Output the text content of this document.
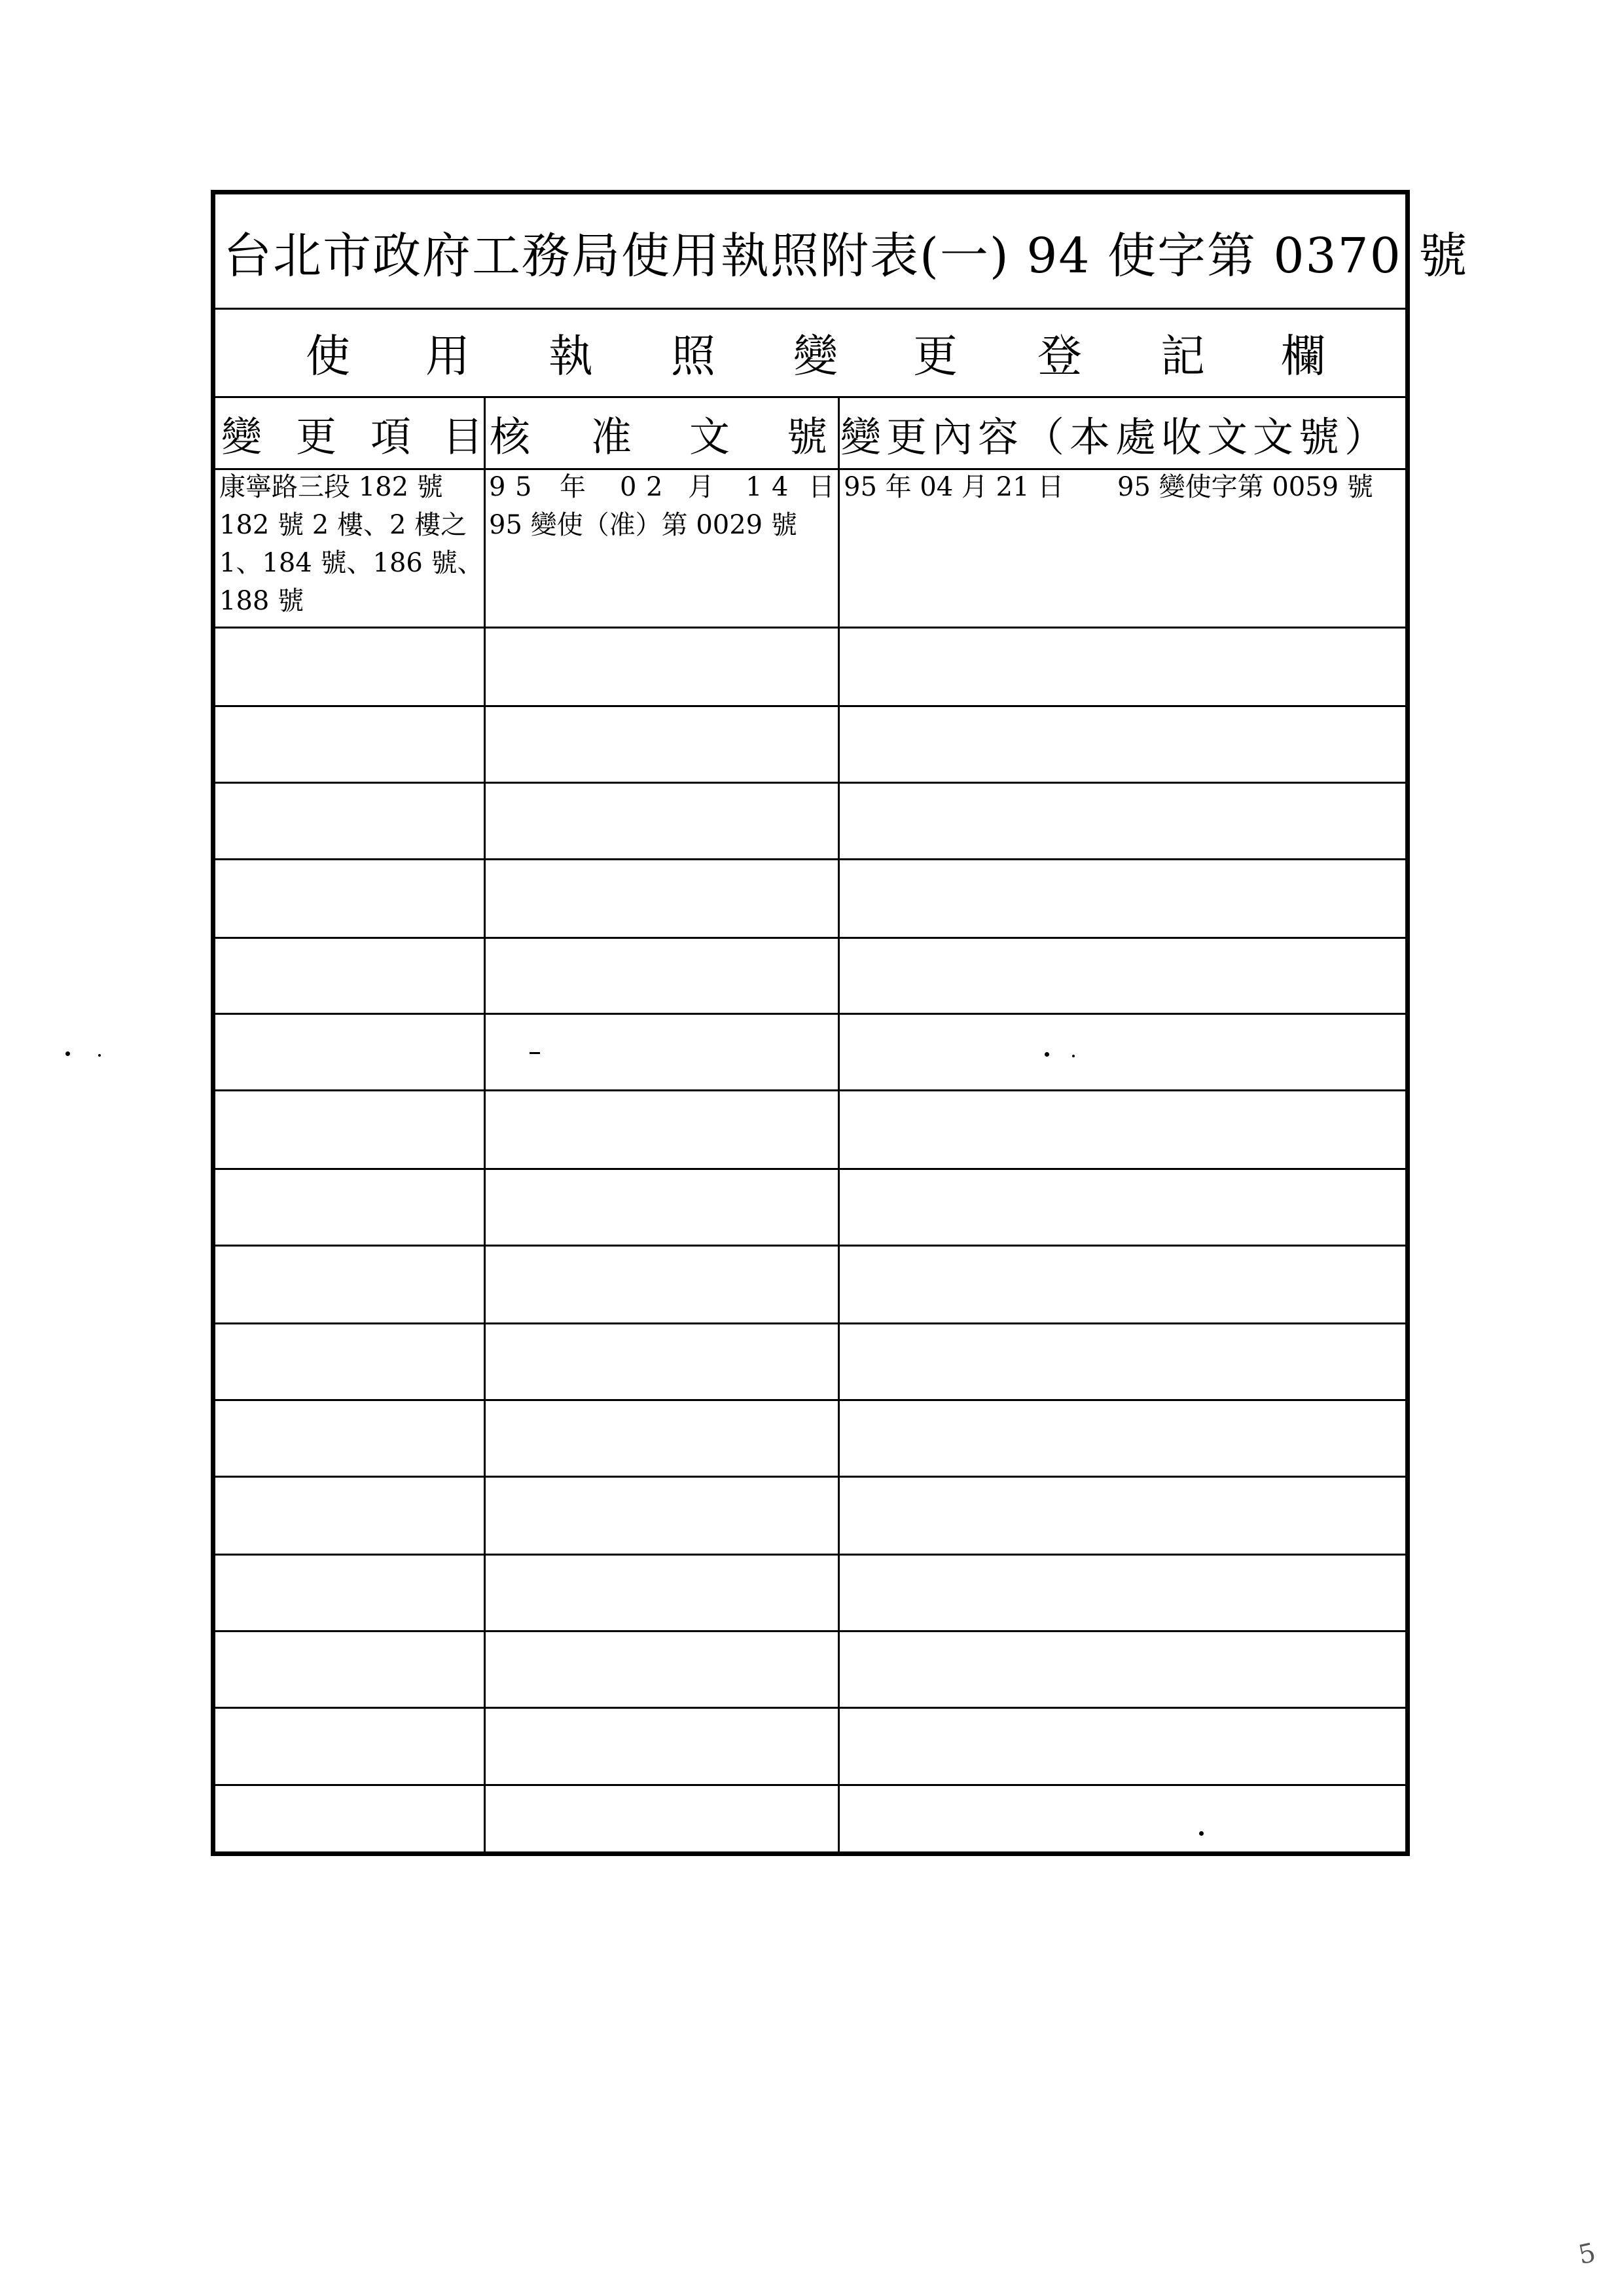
台北市政府工務局使用執照附表(一) 94 使字第 0370 號
使 用 執 照 變 更 登 記 欄
變 更 項 目 核 准 文 號 變更內容（本處收文文號）
康寧路三段 182 號
182 號 2 樓、2 樓之
1、184 號、186 號、
188 號
9 5 年 0 2 月 1 4 日
95 變使（准）第 0029 號
95 年 04 月 21 日 95 變使字第 0059 號
5
